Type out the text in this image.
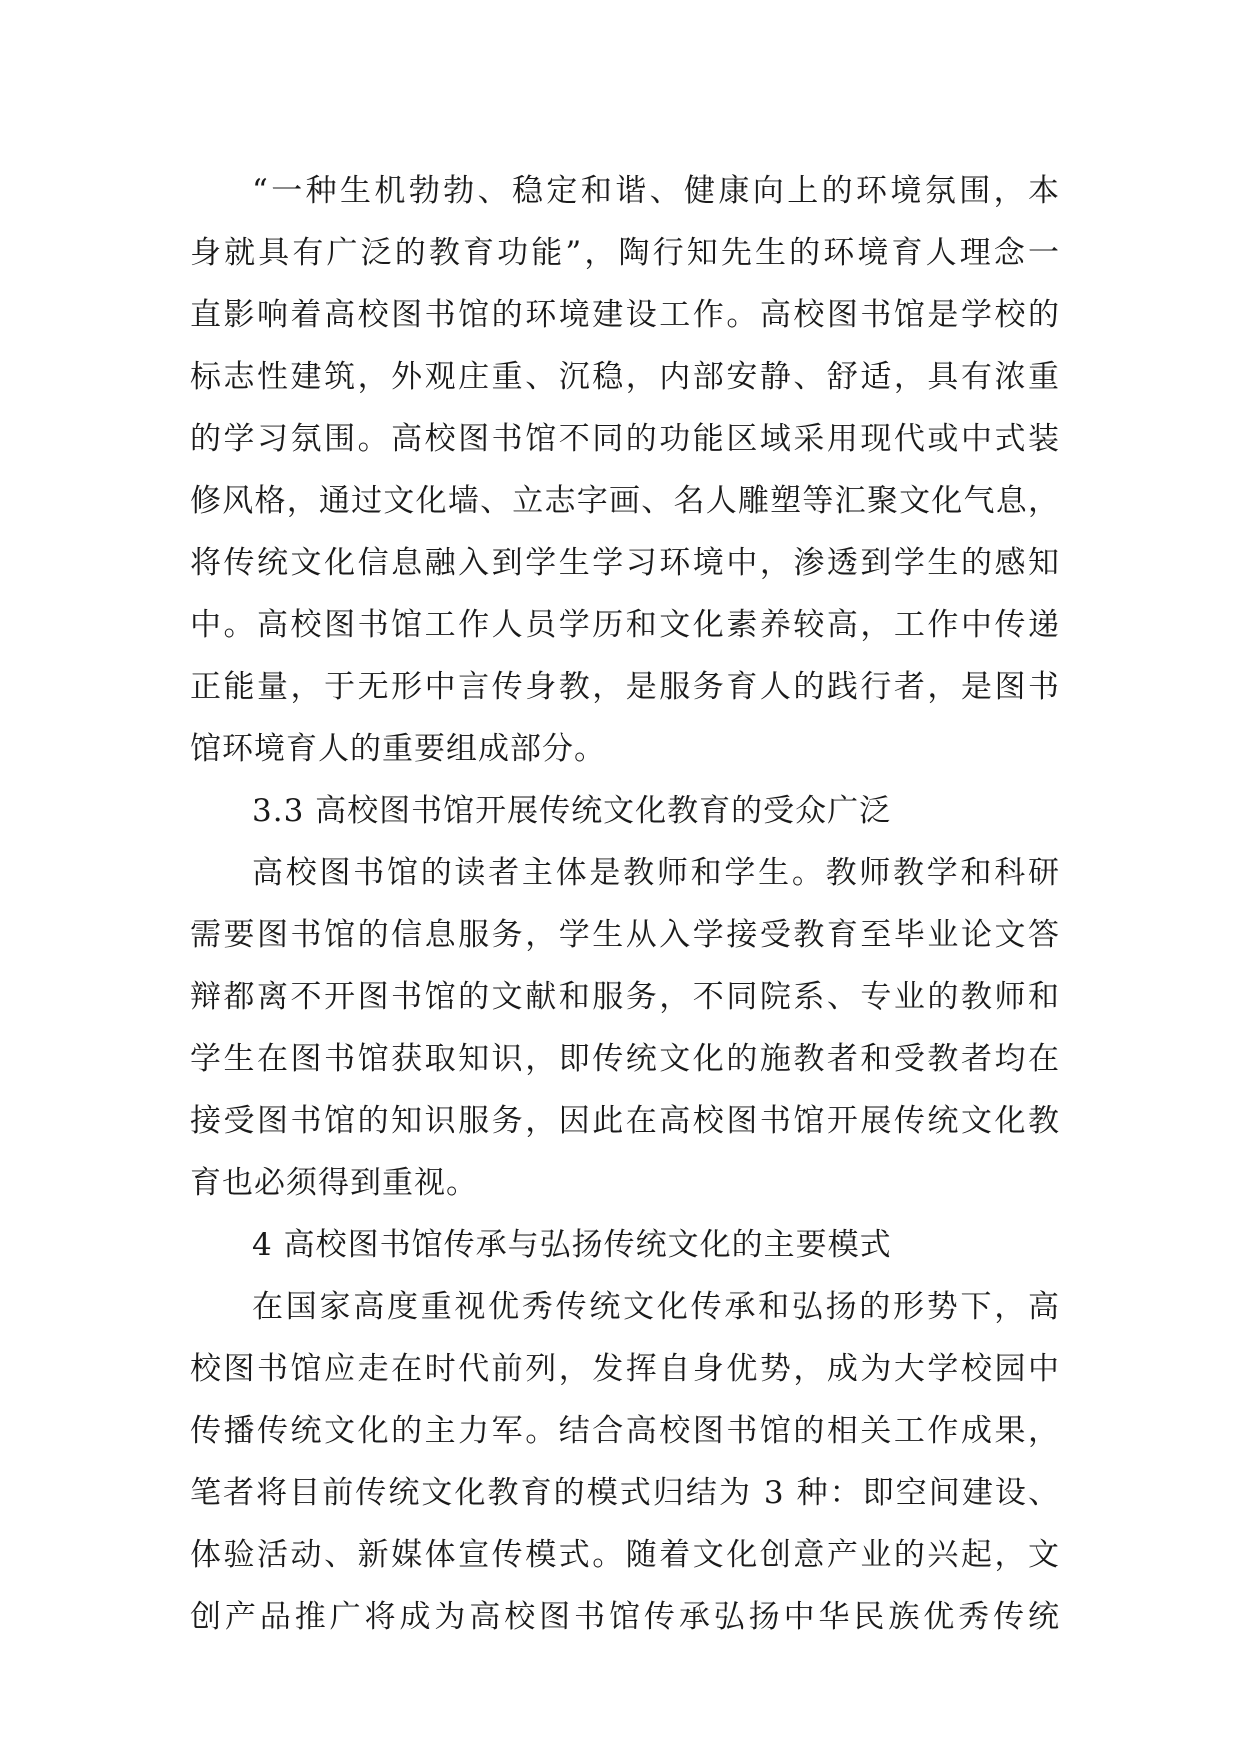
“一种生机勃勃、稳定和谐、健康向上的环境氛围，本
身就具有广泛的教育功能”，陶行知先生的环境育人理念一
直影响着高校图书馆的环境建设工作。高校图书馆是学校的
标志性建筑，外观庄重、沉稳，内部安静、舒适，具有浓重
的学习氛围。高校图书馆不同的功能区域采用现代或中式装
修风格，通过文化墙、立志字画、名人雕塑等汇聚文化气息，
将传统文化信息融入到学生学习环境中，渗透到学生的感知
中。高校图书馆工作人员学历和文化素养较高，工作中传递
正能量，于无形中言传身教，是服务育人的践行者，是图书
馆环境育人的重要组成部分。
3.3 高校图书馆开展传统文化教育的受众广泛
高校图书馆的读者主体是教师和学生。教师教学和科研
需要图书馆的信息服务，学生从入学接受教育至毕业论文答
辩都离不开图书馆的文献和服务，不同院系、专业的教师和
学生在图书馆获取知识，即传统文化的施教者和受教者均在
接受图书馆的知识服务，因此在高校图书馆开展传统文化教
育也必须得到重视。
4 高校图书馆传承与弘扬传统文化的主要模式
在国家高度重视优秀传统文化传承和弘扬的形势下，高
校图书馆应走在时代前列，发挥自身优势，成为大学校园中
传播传统文化的主力军。结合高校图书馆的相关工作成果，
笔者将目前传统文化教育的模式归结为 3 种：即空间建设、
体验活动、新媒体宣传模式。随着文化创意产业的兴起，文
创产品推广将成为高校图书馆传承弘扬中华民族优秀传统
